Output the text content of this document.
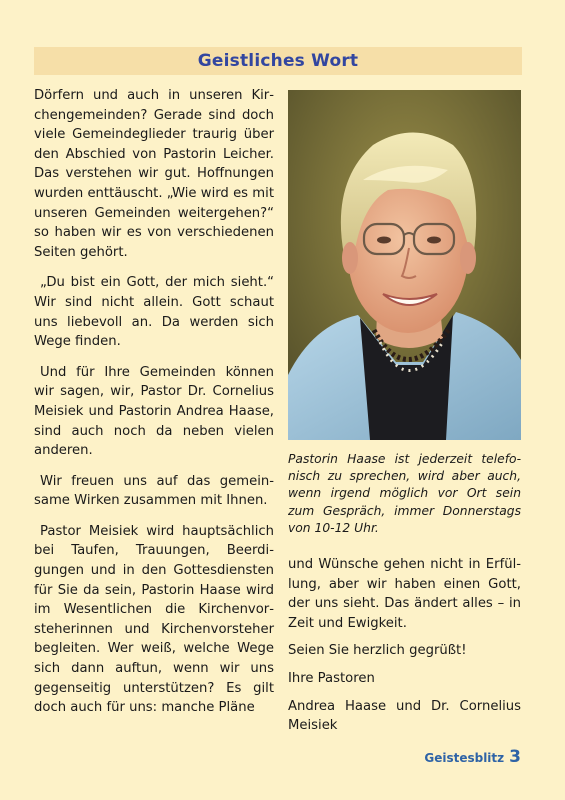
Geistliches Wort

Dörfern und auch in unseren Kirchengemeinden? Gerade sind doch viele Gemeindeglieder traurig über den Abschied von Pastorin Leicher. Das verstehen wir gut. Hoffnungen wurden enttäuscht. „Wie wird es mit unseren Gemeinden weitergehen?“ so haben wir es von verschiedenen Seiten gehört.

„Du bist ein Gott, der mich sieht.“ Wir sind nicht allein. Gott schaut uns liebevoll an. Da werden sich Wege finden.

Und für Ihre Gemeinden können wir sagen, wir, Pastor Dr. Cornelius Meisiek und Pastorin Andrea Haase, sind auch noch da neben vielen anderen.

Wir freuen uns auf das gemeinsame Wirken zusammen mit Ihnen.

Pastor Meisiek wird hauptsächlich bei Taufen, Trauungen, Beerdigungen und in den Gottesdiensten für Sie da sein, Pastorin Haase wird im Wesentlichen die Kirchenvorsteherinnen und Kirchenvorsteher begleiten. Wer weiß, welche Wege sich dann auftun, wenn wir uns gegenseitig unterstützen? Es gilt doch auch für uns: manche Pläne

Pastorin Haase ist jederzeit telefonisch zu sprechen, wird aber auch, wenn irgend möglich vor Ort sein zum Gespräch, immer Donnerstags von 10-12 Uhr.

und Wünsche gehen nicht in Erfüllung, aber wir haben einen Gott, der uns sieht. Das ändert alles – in Zeit und Ewigkeit.

Seien Sie herzlich gegrüßt!

Ihre Pastoren

Andrea Haase und Dr. Cornelius Meisiek

Geistesblitz 3
